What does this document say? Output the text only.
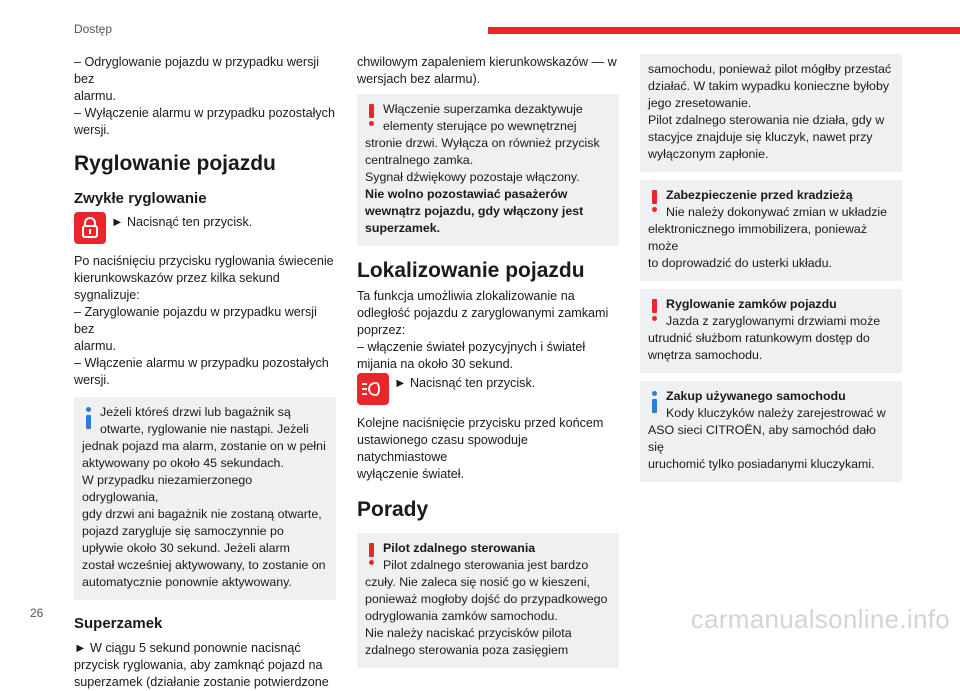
Dostęp

– Odryglowanie pojazdu w przypadku wersji bez
alarmu.
– Wyłączenie alarmu w przypadku pozostałych
wersji.

Ryglowanie pojazdu
Zwykłe ryglowanie
► Nacisnąć ten przycisk.

Po naciśnięciu przycisku ryglowania świecenie
kierunkowskazów przez kilka sekund
sygnalizuje:
– Zaryglowanie pojazdu w przypadku wersji bez
alarmu.
– Włączenie alarmu w przypadku pozostałych
wersji.

Jeżeli któreś drzwi lub bagażnik są
otwarte, ryglowanie nie nastąpi. Jeżeli
jednak pojazd ma alarm, zostanie on w pełni
aktywowany po około 45 sekundach.
W przypadku niezamierzonego odryglowania,
gdy drzwi ani bagażnik nie zostaną otwarte,
pojazd zarygluje się samoczynnie po
upływie około 30 sekund. Jeżeli alarm
został wcześniej aktywowany, to zostanie on
automatycznie ponownie aktywowany.

Superzamek

► W ciągu 5 sekund ponownie nacisnąć
przycisk ryglowania, aby zamknąć pojazd na
superzamek (działanie zostanie potwierdzone

chwilowym zapaleniem kierunkowskazów — w
wersjach bez alarmu).

Włączenie superzamka dezaktywuje
elementy sterujące po wewnętrznej
stronie drzwi. Wyłącza on również przycisk
centralnego zamka.
Sygnał dźwiękowy pozostaje włączony.
Nie wolno pozostawiać pasażerów
wewnątrz pojazdu, gdy włączony jest
superzamek.

Lokalizowanie pojazdu

Ta funkcja umożliwia zlokalizowanie na
odległość pojazdu z zaryglowanymi zamkami
poprzez:
– włączenie świateł pozycyjnych i świateł
mijania na około 30 sekund.

► Nacisnąć ten przycisk.

Kolejne naciśnięcie przycisku przed końcem
ustawionego czasu spowoduje natychmiastowe
wyłączenie świateł.

Porady

Pilot zdalnego sterowania
Pilot zdalnego sterowania jest bardzo
czuły. Nie zaleca się nosić go w kieszeni,
ponieważ mogłoby dojść do przypadkowego
odryglowania zamków samochodu.
Nie należy naciskać przycisków pilota
zdalnego sterowania poza zasięgiem

samochodu, ponieważ pilot mógłby przestać
działać. W takim wypadku konieczne byłoby
jego zresetowanie.
Pilot zdalnego sterowania nie działa, gdy w
stacyjce znajduje się kluczyk, nawet przy
wyłączonym zapłonie.

Zabezpieczenie przed kradzieżą
Nie należy dokonywać zmian w układzie
elektronicznego immobilizera, ponieważ może
to doprowadzić do usterki układu.

Ryglowanie zamków pojazdu
Jazda z zaryglowanymi drzwiami może
utrudnić służbom ratunkowym dostęp do
wnętrza samochodu.

Zakup używanego samochodu
Kody kluczyków należy zarejestrować w
ASO sieci CITROËN, aby samochód dało się
uruchomić tylko posiadanymi kluczykami.

26	carmanualsonline.info
